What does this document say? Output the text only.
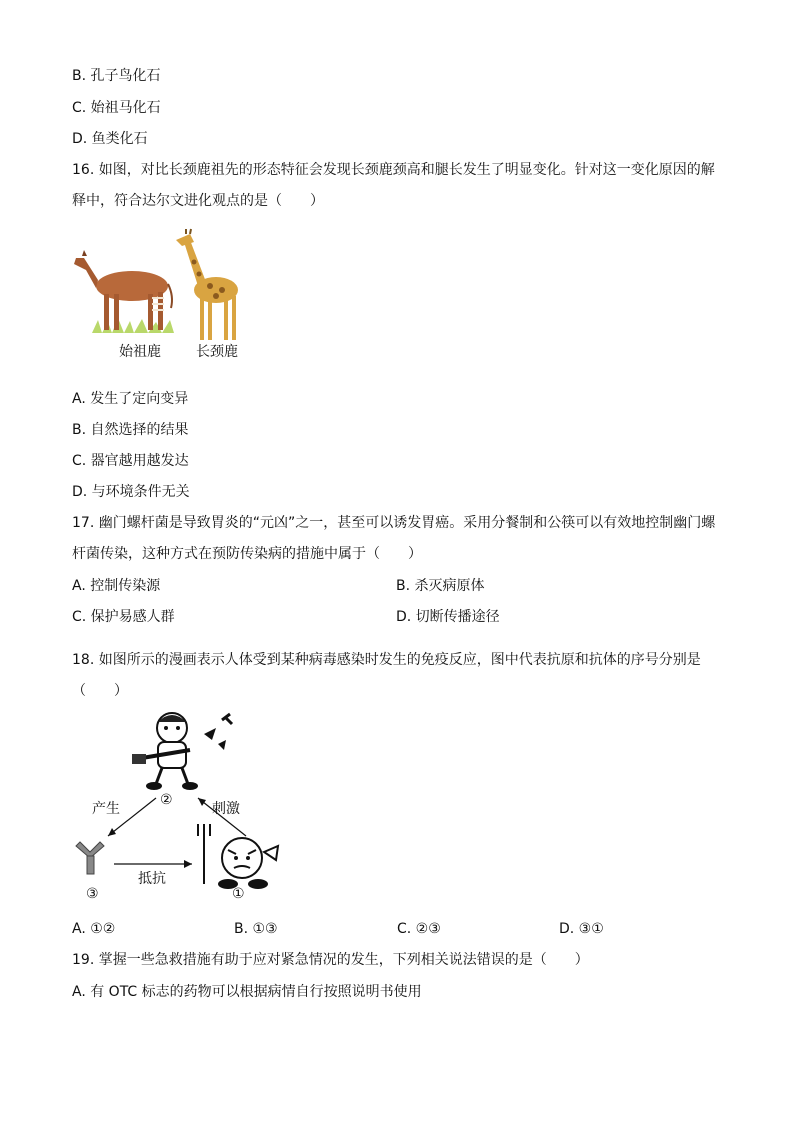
B. 孔子鸟化石
C. 始祖马化石
D. 鱼类化石
16. 如图，对比长颈鹿祖先的形态特征会发现长颈鹿颈高和腿长发生了明显变化。针对这一变化原因的解
释中，符合达尔文进化观点的是（　　）
始祖鹿	长颈鹿
A. 发生了定向变异
B. 自然选择的结果
C. 器官越用越发达
D. 与环境条件无关
17. 幽门螺杆菌是导致胃炎的“元凶”之一，甚至可以诱发胃癌。采用分餐制和公筷可以有效地控制幽门螺
杆菌传染，这种方式在预防传染病的措施中属于（　　）
A. 控制传染源	B. 杀灭病原体
C. 保护易感人群	D. 切断传播途径
18. 如图所示的漫画表示人体受到某种病毒感染时发生的免疫反应，图中代表抗原和抗体的序号分别是
（　　）
②
产生	刺激
抵抗
③	①
A. ①②	B. ①③	C. ②③	D. ③①
19. 掌握一些急救措施有助于应对紧急情况的发生，下列相关说法错误的是（　　）
A. 有 OTC 标志的药物可以根据病情自行按照说明书使用
